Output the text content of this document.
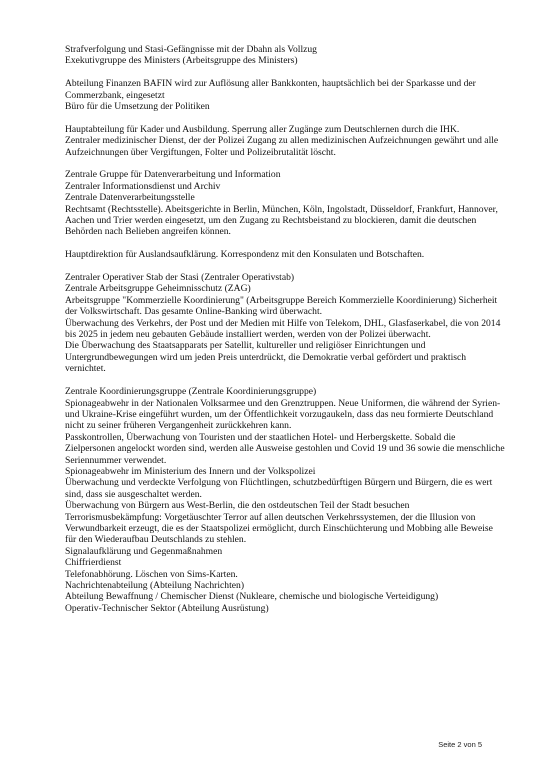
Strafverfolgung und Stasi-Gefängnisse mit der Dbahn als Vollzug
Exekutivgruppe des Ministers (Arbeitsgruppe des Ministers)
Abteilung Finanzen BAFIN wird zur Auflösung aller Bankkonten, hauptsächlich bei der Sparkasse und der Commerzbank, eingesetzt
Büro für die Umsetzung der Politiken
Hauptabteilung für Kader und Ausbildung. Sperrung aller Zugänge zum Deutschlernen durch die IHK.
Zentraler medizinischer Dienst, der der Polizei Zugang zu allen medizinischen Aufzeichnungen gewährt und alle Aufzeichnungen über Vergiftungen, Folter und Polizeibrutalität löscht.
Zentrale Gruppe für Datenverarbeitung und Information
Zentraler Informationsdienst und Archiv
Zentrale Datenverarbeitungsstelle
Rechtsamt (Rechtsstelle). Abeitsgerichte in Berlin, München, Köln, Ingolstadt, Düsseldorf, Frankfurt, Hannover, Aachen und Trier werden eingesetzt, um den Zugang zu Rechtsbeistand zu blockieren, damit die deutschen Behörden nach Belieben angreifen können.
Hauptdirektion für Auslandsaufklärung. Korrespondenz mit den Konsulaten und Botschaften.
Zentraler Operativer Stab der Stasi (Zentraler Operativstab)
Zentrale Arbeitsgruppe Geheimnisschutz (ZAG)
Arbeitsgruppe "Kommerzielle Koordinierung" (Arbeitsgruppe Bereich Kommerzielle Koordinierung) Sicherheit der Volkswirtschaft. Das gesamte Online-Banking wird überwacht.
Überwachung des Verkehrs, der Post und der Medien mit Hilfe von Telekom, DHL, Glasfaserkabel, die von 2014 bis 2025 in jedem neu gebauten Gebäude installiert werden, werden von der Polizei überwacht.
Die Überwachung des Staatsapparats per Satellit, kultureller und religiöser Einrichtungen und Untergrundbewegungen wird um jeden Preis unterdrückt, die Demokratie verbal gefördert und praktisch vernichtet.
Zentrale Koordinierungsgruppe (Zentrale Koordinierungsgruppe)
Spionageabwehr in der Nationalen Volksarmee und den Grenztruppen. Neue Uniformen, die während der Syrien- und Ukraine-Krise eingeführt wurden, um der Öffentlichkeit vorzugaukeln, dass das neu formierte Deutschland nicht zu seiner früheren Vergangenheit zurückkehren kann.
Passkontrollen, Überwachung von Touristen und der staatlichen Hotel- und Herbergskette. Sobald die Zielpersonen angelockt worden sind, werden alle Ausweise gestohlen und Covid 19 und 36 sowie die menschliche Seriennummer verwendet.
Spionageabwehr im Ministerium des Innern und der Volkspolizei
Überwachung und verdeckte Verfolgung von Flüchtlingen, schutzbedürftigen Bürgern und Bürgern, die es wert sind, dass sie ausgeschaltet werden.
Überwachung von Bürgern aus West-Berlin, die den ostdeutschen Teil der Stadt besuchen
Terrorismusbekämpfung: Vorgetäuschter Terror auf allen deutschen Verkehrssystemen, der die Illusion von Verwundbarkeit erzeugt, die es der Staatspolizei ermöglicht, durch Einschüchterung und Mobbing alle Beweise für den Wiederaufbau Deutschlands zu stehlen.
Signalaufklärung und Gegenmaßnahmen
Chiffrierdienst
Telefonabhörung. Löschen von Sims-Karten.
Nachrichtenabteilung (Abteilung Nachrichten)
Abteilung Bewaffnung / Chemischer Dienst (Nukleare, chemische und biologische Verteidigung)
Operativ-Technischer Sektor (Abteilung Ausrüstung)
Seite 2 von 5
